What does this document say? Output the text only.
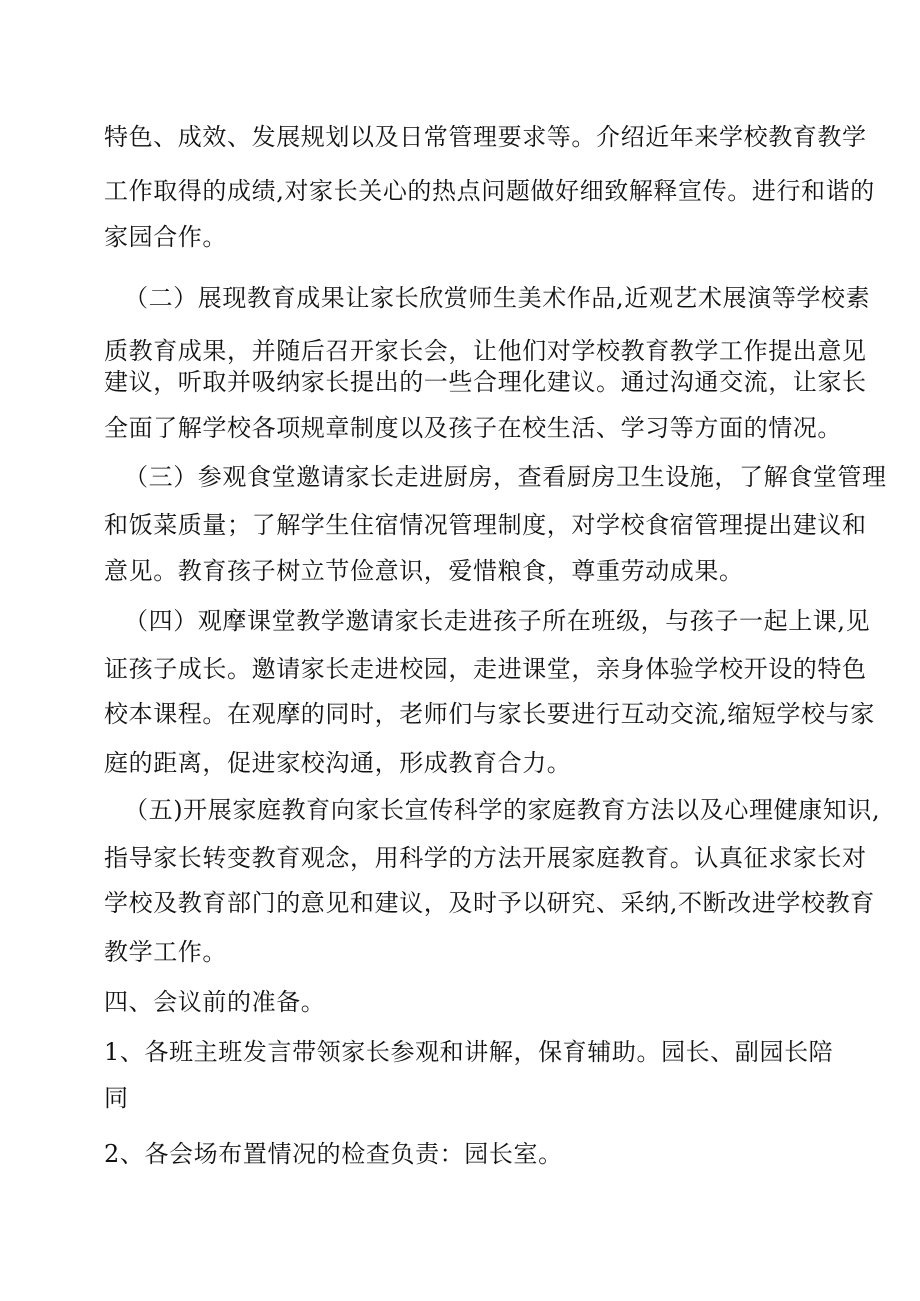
特色、成效、发展规划以及日常管理要求等。介绍近年来学校教育教学
工作取得的成绩,对家长关心的热点问题做好细致解释宣传。进行和谐的
家园合作。
（二）展现教育成果让家长欣赏师生美术作品,近观艺术展演等学校素
质教育成果，并随后召开家长会，让他们对学校教育教学工作提出意见
建议，听取并吸纳家长提出的一些合理化建议。通过沟通交流，让家长
全面了解学校各项规章制度以及孩子在校生活、学习等方面的情况。
（三）参观食堂邀请家长走进厨房，查看厨房卫生设施，了解食堂管理
和饭菜质量；了解学生住宿情况管理制度，对学校食宿管理提出建议和
意见。教育孩子树立节俭意识，爱惜粮食，尊重劳动成果。
（四）观摩课堂教学邀请家长走进孩子所在班级，与孩子一起上课,见
证孩子成长。邀请家长走进校园，走进课堂，亲身体验学校开设的特色
校本课程。在观摩的同时，老师们与家长要进行互动交流,缩短学校与家
庭的距离，促进家校沟通，形成教育合力。
（五)开展家庭教育向家长宣传科学的家庭教育方法以及心理健康知识,
指导家长转变教育观念，用科学的方法开展家庭教育。认真征求家长对
学校及教育部门的意见和建议，及时予以研究、采纳,不断改进学校教育
教学工作。
四、会议前的准备。
1、各班主班发言带领家长参观和讲解，保育辅助。园长、副园长陪
同
2、各会场布置情况的检查负责：园长室。
